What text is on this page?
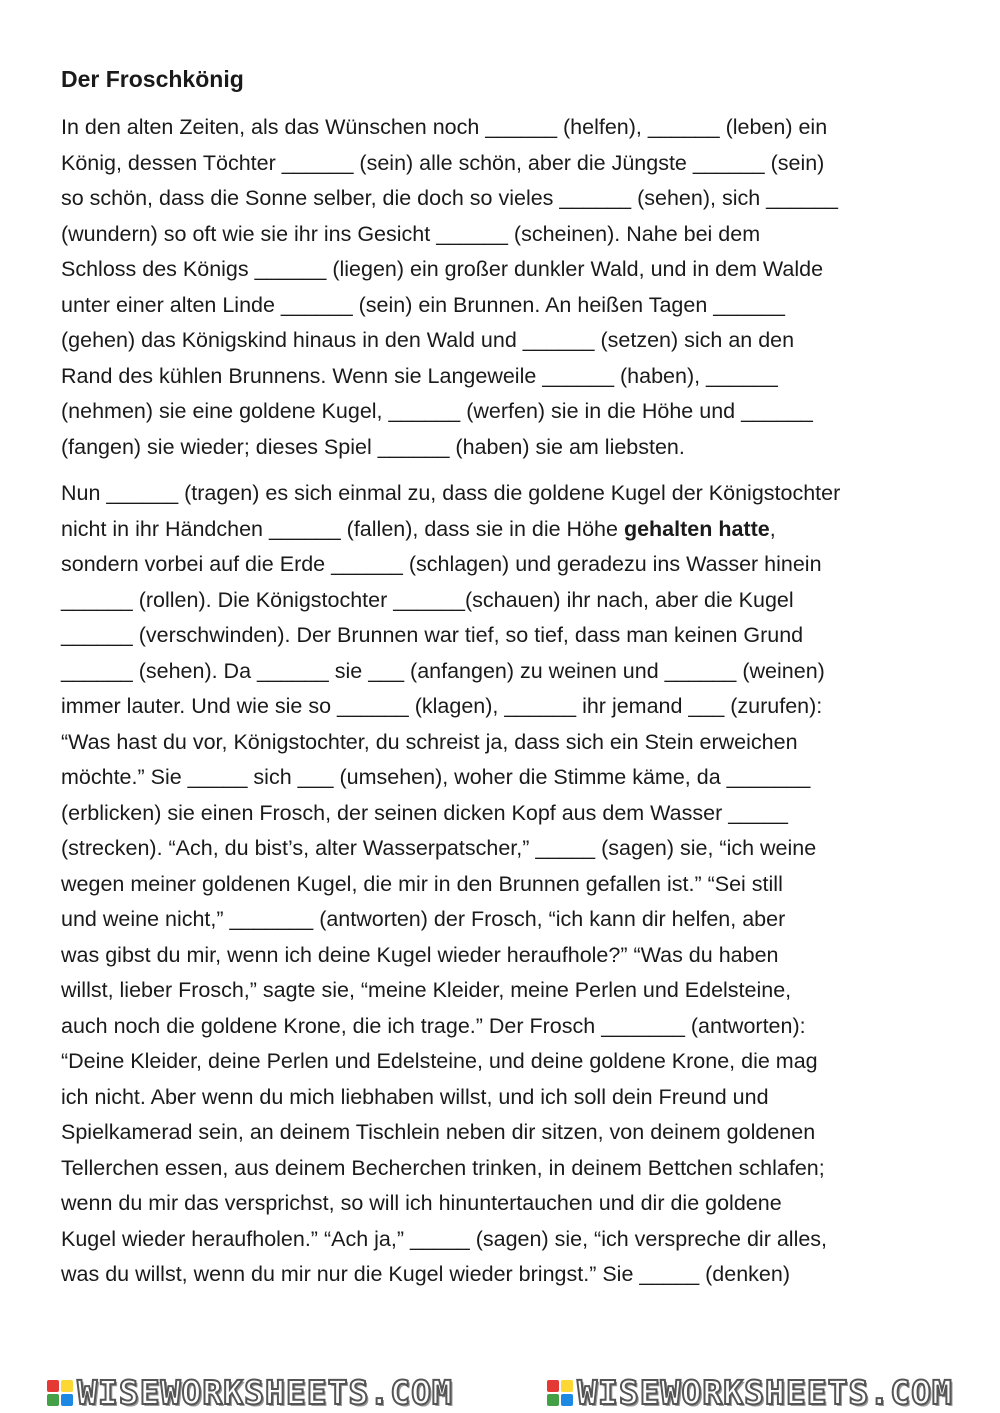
Der Froschkönig
In den alten Zeiten, als das Wünschen noch ______ (helfen), ______ (leben) ein
König, dessen Töchter ______ (sein) alle schön, aber die Jüngste ______ (sein)
so schön, dass die Sonne selber, die doch so vieles ______ (sehen), sich ______
(wundern) so oft wie sie ihr ins Gesicht ______ (scheinen). Nahe bei dem
Schloss des Königs ______ (liegen) ein großer dunkler Wald, und in dem Walde
unter einer alten Linde ______ (sein) ein Brunnen. An heißen Tagen ______
(gehen) das Königskind hinaus in den Wald und ______ (setzen) sich an den
Rand des kühlen Brunnens. Wenn sie Langeweile ______ (haben), ______
(nehmen) sie eine goldene Kugel, ______ (werfen) sie in die Höhe und ______
(fangen) sie wieder; dieses Spiel ______ (haben) sie am liebsten.
Nun ______ (tragen) es sich einmal zu, dass die goldene Kugel der Königstochter
nicht in ihr Händchen ______ (fallen), dass sie in die Höhe gehalten hatte,
sondern vorbei auf die Erde ______ (schlagen) und geradezu ins Wasser hinein
______ (rollen). Die Königstochter ______(schauen) ihr nach, aber die Kugel
______ (verschwinden). Der Brunnen war tief, so tief, dass man keinen Grund
______ (sehen). Da ______ sie ___ (anfangen) zu weinen und ______ (weinen)
immer lauter. Und wie sie so ______ (klagen), ______ ihr jemand ___ (zurufen):
“Was hast du vor, Königstochter, du schreist ja, dass sich ein Stein erweichen
möchte.” Sie _____ sich ___ (umsehen), woher die Stimme käme, da _______
(erblicken) sie einen Frosch, der seinen dicken Kopf aus dem Wasser _____
(strecken). “Ach, du bist’s, alter Wasserpatscher,” _____ (sagen) sie, “ich weine
wegen meiner goldenen Kugel, die mir in den Brunnen gefallen ist.” “Sei still
und weine nicht,” _______ (antworten) der Frosch, “ich kann dir helfen, aber
was gibst du mir, wenn ich deine Kugel wieder heraufhole?” “Was du haben
willst, lieber Frosch,” sagte sie, “meine Kleider, meine Perlen und Edelsteine,
auch noch die goldene Krone, die ich trage.” Der Frosch _______ (antworten):
“Deine Kleider, deine Perlen und Edelsteine, und deine goldene Krone, die mag
ich nicht. Aber wenn du mich liebhaben willst, und ich soll dein Freund und
Spielkamerad sein, an deinem Tischlein neben dir sitzen, von deinem goldenen
Tellerchen essen, aus deinem Becherchen trinken, in deinem Bettchen schlafen;
wenn du mir das versprichst, so will ich hinuntertauchen und dir die goldene
Kugel wieder heraufholen.” “Ach ja,” _____ (sagen) sie, “ich verspreche dir alles,
was du willst, wenn du mir nur die Kugel wieder bringst.” Sie _____ (denken)
WISEWORKSHEETS.COM	WISEWORKSHEETS.COM
